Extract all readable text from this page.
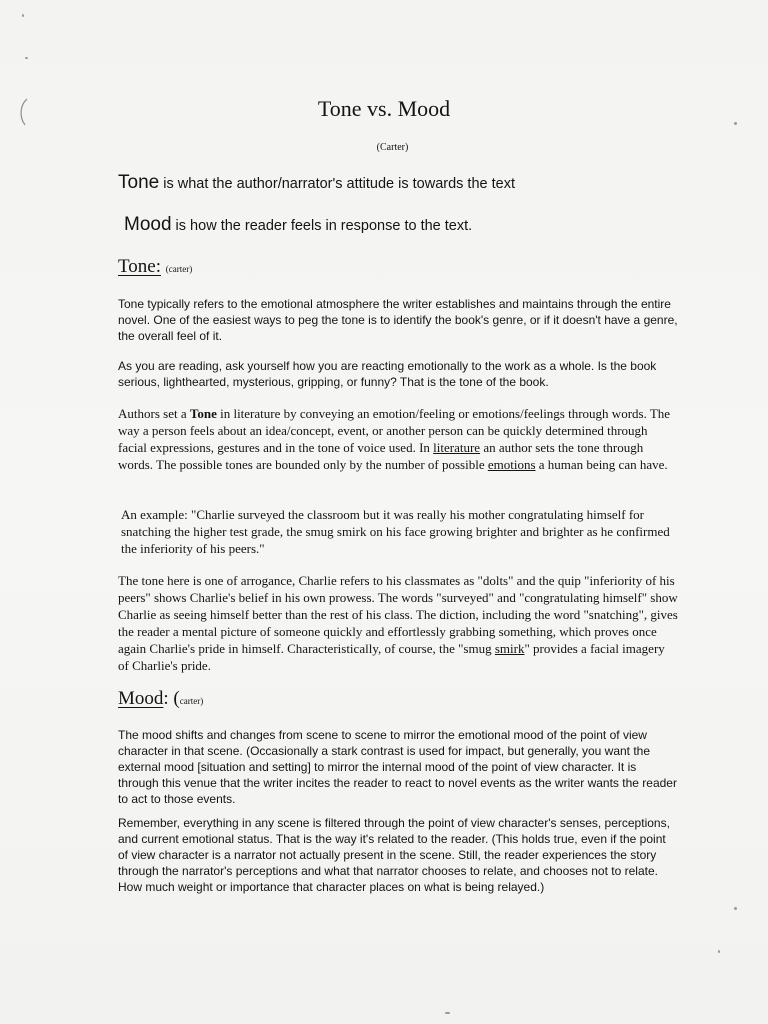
Tone vs. Mood
(Carter)
Tone is what the author/narrator's attitude is towards the text
Mood is how the reader feels in response to the text.
Tone: (carter)

Tone typically refers to the emotional atmosphere the writer establishes and maintains through the entire novel. One of the easiest ways to peg the tone is to identify the book's genre, or if it doesn't have a genre, the overall feel of it.

As you are reading, ask yourself how you are reacting emotionally to the work as a whole. Is the book serious, lighthearted, mysterious, gripping, or funny? That is the tone of the book.

Authors set a Tone in literature by conveying an emotion/feeling or emotions/feelings through words. The way a person feels about an idea/concept, event, or another person can be quickly determined through facial expressions, gestures and in the tone of voice used. In literature an author sets the tone through words. The possible tones are bounded only by the number of possible emotions a human being can have.

An example: "Charlie surveyed the classroom but it was really his mother congratulating himself for snatching the higher test grade, the smug smirk on his face growing brighter and brighter as he confirmed the inferiority of his peers."

The tone here is one of arrogance, Charlie refers to his classmates as "dolts" and the quip "inferiority of his peers" shows Charlie's belief in his own prowess. The words "surveyed" and "congratulating himself" show Charlie as seeing himself better than the rest of his class. The diction, including the word "snatching", gives the reader a mental picture of someone quickly and effortlessly grabbing something, which proves once again Charlie's pride in himself. Characteristically, of course, the "smug smirk" provides a facial imagery of Charlie's pride.

Mood: (carter)

The mood shifts and changes from scene to scene to mirror the emotional mood of the point of view character in that scene. (Occasionally a stark contrast is used for impact, but generally, you want the external mood [situation and setting] to mirror the internal mood of the point of view character. It is through this venue that the writer incites the reader to react to novel events as the writer wants the reader to act to those events.

Remember, everything in any scene is filtered through the point of view character's senses, perceptions, and current emotional status. That is the way it's related to the reader. (This holds true, even if the point of view character is a narrator not actually present in the scene. Still, the reader experiences the story through the narrator's perceptions and what that narrator chooses to relate, and chooses not to relate. How much weight or importance that character places on what is being relayed.)
